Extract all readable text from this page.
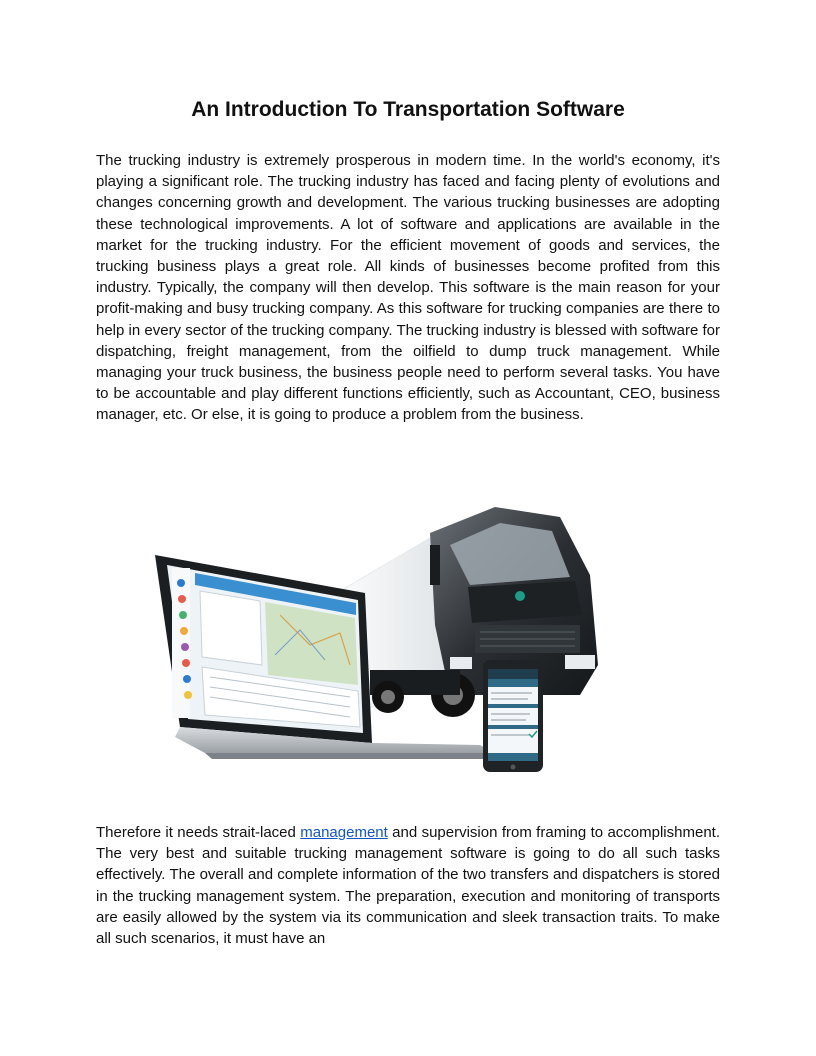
An Introduction To Transportation Software

The trucking industry is extremely prosperous in modern time. In the world's economy, it's playing a significant role. The trucking industry has faced and facing plenty of evolutions and changes concerning growth and development. The various trucking businesses are adopting these technological improvements. A lot of software and applications are available in the market for the trucking industry. For the efficient movement of goods and services, the trucking business plays a great role. All kinds of businesses become profited from this industry. Typically, the company will then develop. This software is the main reason for your profit-making and busy trucking company. As this software for trucking companies are there to help in every sector of the trucking company. The trucking industry is blessed with software for dispatching, freight management, from the oilfield to dump truck management. While managing your truck business, the business people need to perform several tasks. You have to be accountable and play different functions efficiently, such as Accountant, CEO, business manager, etc. Or else, it is going to produce a problem from the business.

Therefore it needs strait-laced management and supervision from framing to accomplishment. The very best and suitable trucking management software is going to do all such tasks effectively. The overall and complete information of the two transfers and dispatchers is stored in the trucking management system. The preparation, execution and monitoring of transports are easily allowed by the system via its communication and sleek transaction traits. To make all such scenarios, it must have an
